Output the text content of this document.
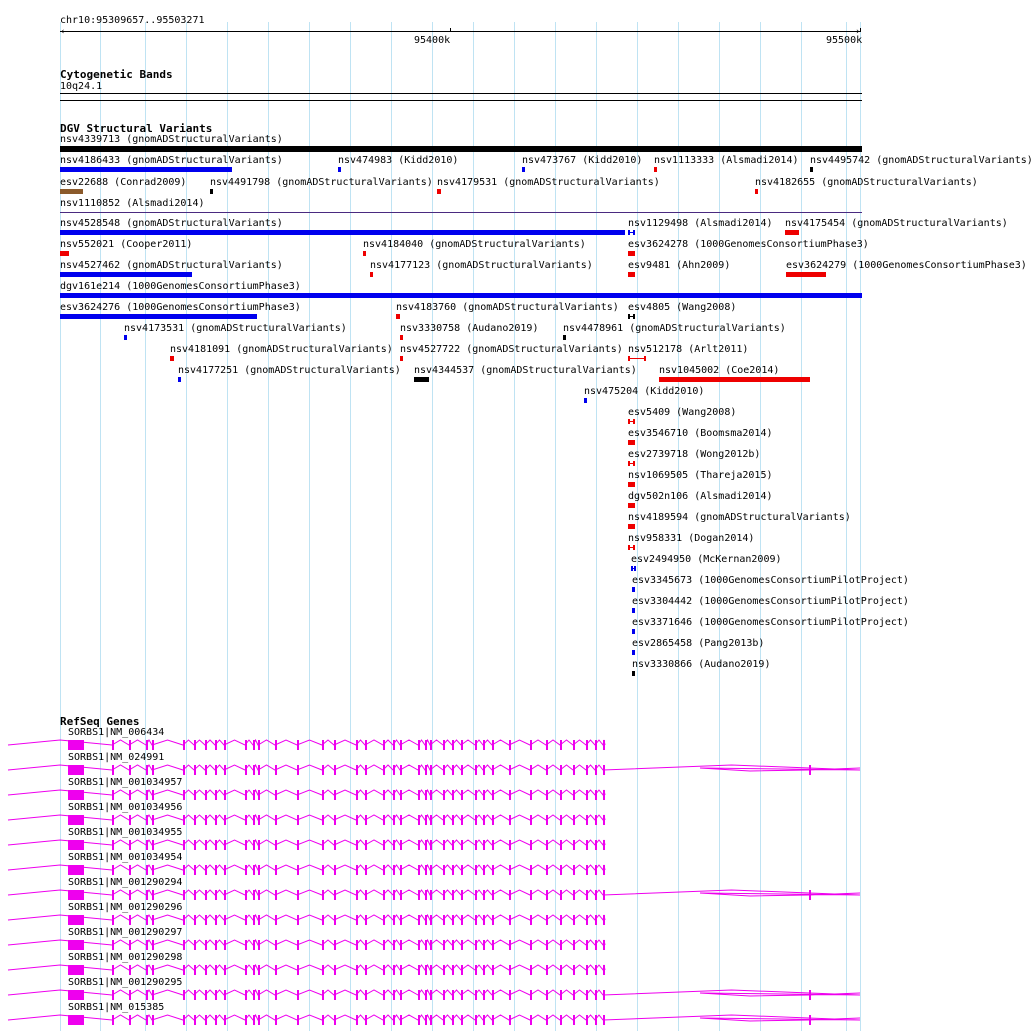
chr10:95309657..95503271
‹	›
95400k	95500k
Cytogenetic Bands
10q24.1
DGV Structural Variants
nsv4339713 (gnomADStructuralVariants)
nsv4186433 (gnomADStructuralVariants)	nsv474983 (Kidd2010)	nsv473767 (Kidd2010) nsv1113333 (Alsmadi2014) nsv4495742 (gnomADStructuralVariants)
esv22688 (Conrad2009) nsv4491798 (gnomADStructuralVariants) nsv4179531 (gnomADStructuralVariants)	nsv4182655 (gnomADStructuralVariants)
nsv1110852 (Alsmadi2014)
nsv4528548 (gnomADStructuralVariants)	nsv1129498 (Alsmadi2014) nsv4175454 (gnomADStructuralVariants)
nsv552021 (Cooper2011)	nsv4184040 (gnomADStructuralVariants)	esv3624278 (1000GenomesConsortiumPhase3)
nsv4527462 (gnomADStructuralVariants)	nsv4177123 (gnomADStructuralVariants)	esv9481 (Ahn2009)	esv3624279 (1000GenomesConsortiumPhase3)
dgv161e214 (1000GenomesConsortiumPhase3)
esv3624276 (1000GenomesConsortiumPhase3)	nsv4183760 (gnomADStructuralVariants) esv4805 (Wang2008)
nsv4173531 (gnomADStructuralVariants)	nsv3330758 (Audano2019) nsv4478961 (gnomADStructuralVariants)
nsv4181091 (gnomADStructuralVariants) nsv4527722 (gnomADStructuralVariants) nsv512178 (Arlt2011)
nsv4177251 (gnomADStructuralVariants) nsv4344537 (gnomADStructuralVariants) nsv1045002 (Coe2014)
nsv475204 (Kidd2010)
esv5409 (Wang2008)
esv3546710 (Boomsma2014)
esv2739718 (Wong2012b)
nsv1069505 (Thareja2015)
dgv502n106 (Alsmadi2014)
nsv4189594 (gnomADStructuralVariants)
nsv958331 (Dogan2014)
esv2494950 (McKernan2009)
esv3345673 (1000GenomesConsortiumPilotProject)
esv3304442 (1000GenomesConsortiumPilotProject)
esv3371646 (1000GenomesConsortiumPilotProject)
esv2865458 (Pang2013b)
nsv3330866 (Audano2019)
RefSeq Genes
SORBS1|NM_006434
SORBS1|NM_024991
SORBS1|NM_001034957
SORBS1|NM_001034956
SORBS1|NM_001034955
SORBS1|NM_001034954
SORBS1|NM_001290294
SORBS1|NM_001290296
SORBS1|NM_001290297
SORBS1|NM_001290298
SORBS1|NM_001290295
SORBS1|NM_015385
